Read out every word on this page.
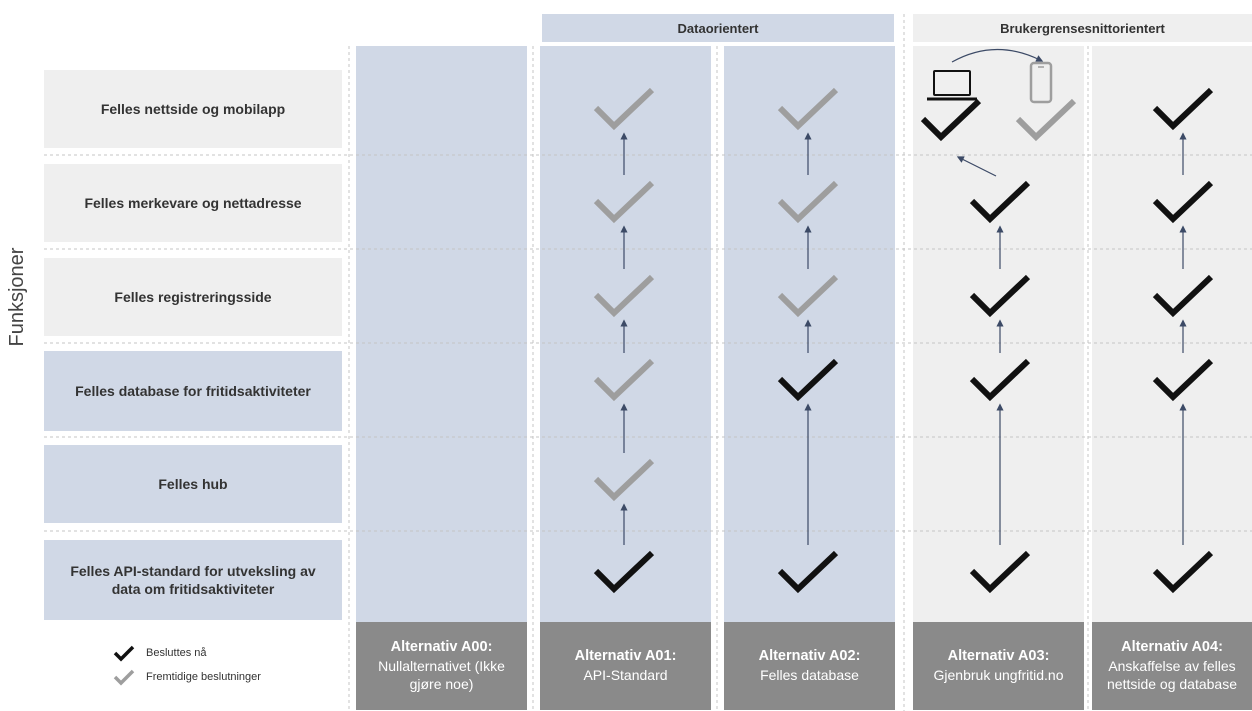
Dataorientert	Brukergrensesnittorientert
Funksjoner
Felles nettside og mobilapp
Felles merkevare og nettadresse
Felles registreringsside
Felles database for fritidsaktiviteter
Felles hub
Felles API-standard for utveksling av data om fritidsaktiviteter
Alternativ A00:
Nullalternativet (Ikke gjøre noe)
Alternativ A01:
API-Standard
Alternativ A02:
Felles database
Alternativ A03:
Gjenbruk ungfritid.no
Alternativ A04:
Anskaffelse av felles nettside og database
Besluttes nå
Fremtidige beslutninger
